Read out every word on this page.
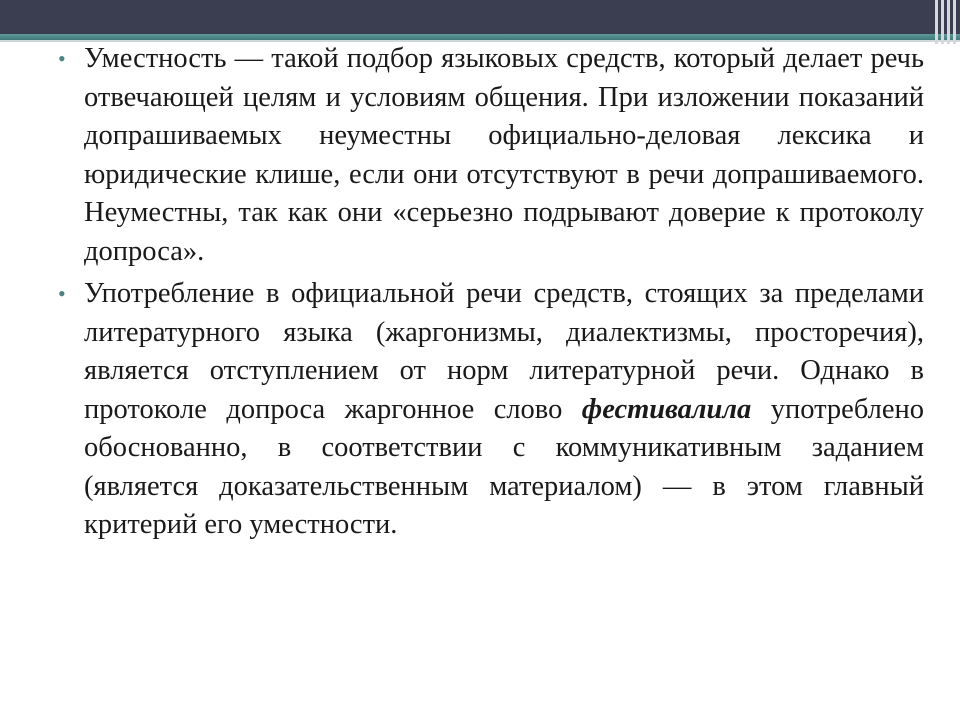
• Уместность — такой подбор языковых средств, который делает речь отвечающей целям и условиям общения. При изложении показаний допрашиваемых неуместны официально-деловая лексика и юридические клише, если они отсутствуют в речи допрашиваемого. Неуместны, так как они «серьезно подрывают доверие к протоколу допроса».

• Употребление в официальной речи средств, стоящих за пределами литературного языка (жаргонизмы, диалектизмы, просторечия), является отступлением от норм литературной речи. Однако в протоколе допроса жаргонное слово фестивалила употреблено обоснованно, в соответствии с коммуникативным заданием (является доказательственным материалом) — в этом главный критерий его уместности.
